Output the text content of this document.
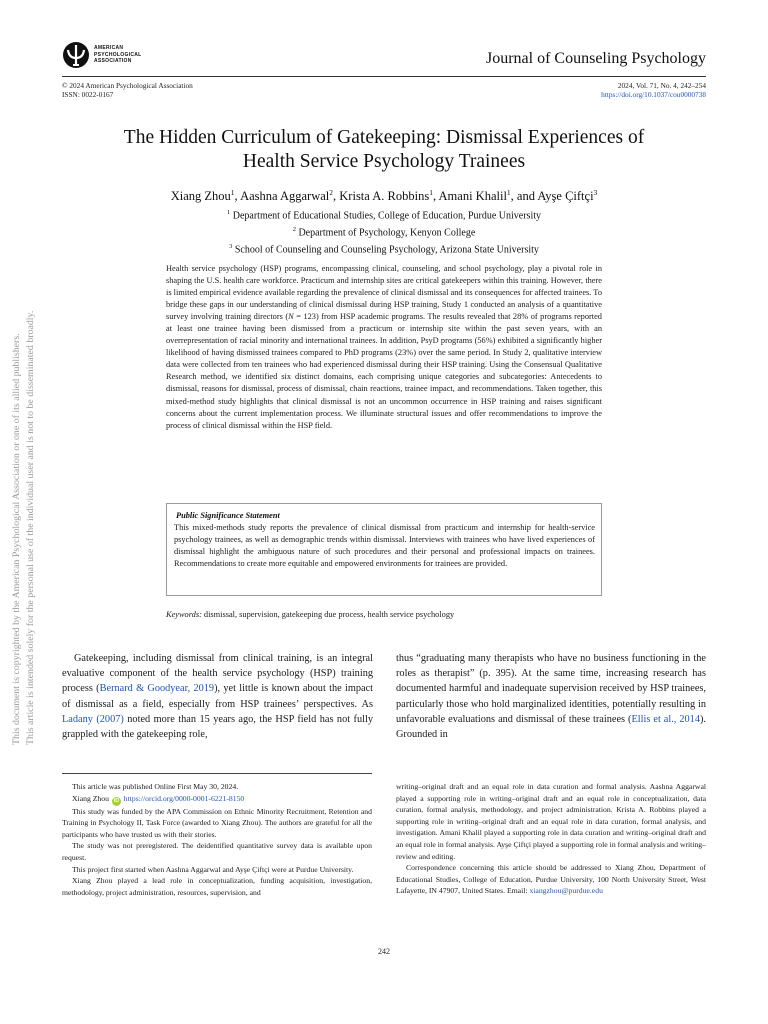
AMERICAN
PSYCHOLOGICAL
ASSOCIATION	Journal of Counseling Psychology
© 2024 American Psychological Association
ISSN: 0022-0167
2024, Vol. 71, No. 4, 242–254
https://doi.org/10.1037/cou0000738
The Hidden Curriculum of Gatekeeping: Dismissal Experiences of
Health Service Psychology Trainees
Xiang Zhou$^1$, Aashna Aggarwal$^2$, Krista A. Robbins$^1$, Amani Khalil$^1$, and Ayşe Çiftçi$^3$
$^1$ Department of Educational Studies, College of Education, Purdue University
$^2$ Department of Psychology, Kenyon College
$^3$ School of Counseling and Counseling Psychology, Arizona State University
Health service psychology (HSP) programs, encompassing clinical, counseling, and school psychology, play a pivotal role in shaping the U.S. health care workforce. Practicum and internship sites are critical gatekeepers within this training. However, there is limited empirical evidence available regarding the prevalence of clinical dismissal and its consequences for affected trainees. To bridge these gaps in our understanding of clinical dismissal during HSP training, Study 1 conducted an analysis of a quantitative survey involving training directors (N = 123) from HSP academic programs. The results revealed that 28% of programs reported at least one trainee having been dismissed from a practicum or internship site within the past seven years, with an overrepresentation of racial minority and international trainees. In addition, PsyD programs (56%) exhibited a significantly higher likelihood of having dismissed trainees compared to PhD programs (23%) over the same period. In Study 2, qualitative interview data were collected from ten trainees who had experienced dismissal during their HSP training. Using the Consensual Qualitative Research method, we identified six distinct domains, each comprising unique categories and subcategories: Antecedents to dismissal, reasons for dismissal, process of dismissal, chain reactions, trainee impact, and recommendations. Taken together, this mixed-method study highlights that clinical dismissal is not an uncommon occurrence in HSP training and raises significant concerns about the current implementation process. We illuminate structural issues and offer recommendations to improve the process of clinical dismissal within the HSP field.
Public Significance Statement
This mixed-methods study reports the prevalence of clinical dismissal from practicum and internship for health-service psychology trainees, as well as demographic trends within dismissal. Interviews with trainees who have lived experiences of dismissal highlight the ambiguous nature of such procedures and their personal and professional impacts on trainees. Recommendations to create more equitable and empowered environments for trainees are provided.
Keywords: dismissal, supervision, gatekeeping due process, health service psychology
Gatekeeping, including dismissal from clinical training, is an integral evaluative component of the health service psychology (HSP) training process (Bernard & Goodyear, 2019), yet little is known about the impact of dismissal as a field, especially from HSP trainees’ perspectives. As Ladany (2007) noted more than 15 years ago, the HSP field has not fully grappled with the gatekeeping role,
thus “graduating many therapists who have no business functioning in the roles as therapist” (p. 395). At the same time, increasing research has documented harmful and inadequate supervision received by HSP trainees, particularly those who hold marginalized identities, potentially resulting in unfavorable evaluations and dismissal of these trainees (Ellis et al., 2014). Grounded in
This document is copyrighted by the American Psychological Association or one of its allied publishers. This article is intended solely for the personal use of the individual user and is not to be disseminated broadly.

This article was published Online First May 30, 2024.

Xiang Zhou iD https://orcid.org/0000-0001-6221-8150

This study was funded by the APA Commission on Ethnic Minority Recruitment, Retention and Training in Psychology II, Task Force (awarded to Xiang Zhou). The authors are grateful for all the participants who have trusted us with their stories.

The study was not preregistered. The deidentified quantitative survey data is available upon request.

This project first started when Aashna Aggarwal and Ayşe Çiftçi were at Purdue University.

Xiang Zhou played a lead role in conceptualization, funding acquisition, investigation, methodology, project administration, resources, supervision, and

writing–original draft and an equal role in data curation and formal analysis. Aashna Aggarwal played a supporting role in writing–original draft and an equal role in conceptualization, data curation, formal analysis, methodology, and project administration. Krista A. Robbins played a supporting role in writing–original draft and an equal role in data curation, formal analysis, and investigation. Amani Khalil played a supporting role in data curation and writing–original draft and an equal role in formal analysis. Ayşe Çiftçi played a supporting role in formal analysis and writing–review and editing.

Correspondence concerning this article should be addressed to Xiang Zhou, Department of Educational Studies, College of Education, Purdue University, 100 North University Street, West Lafayette, IN 47907, United States. Email: xiangzhou@purdue.edu

242
